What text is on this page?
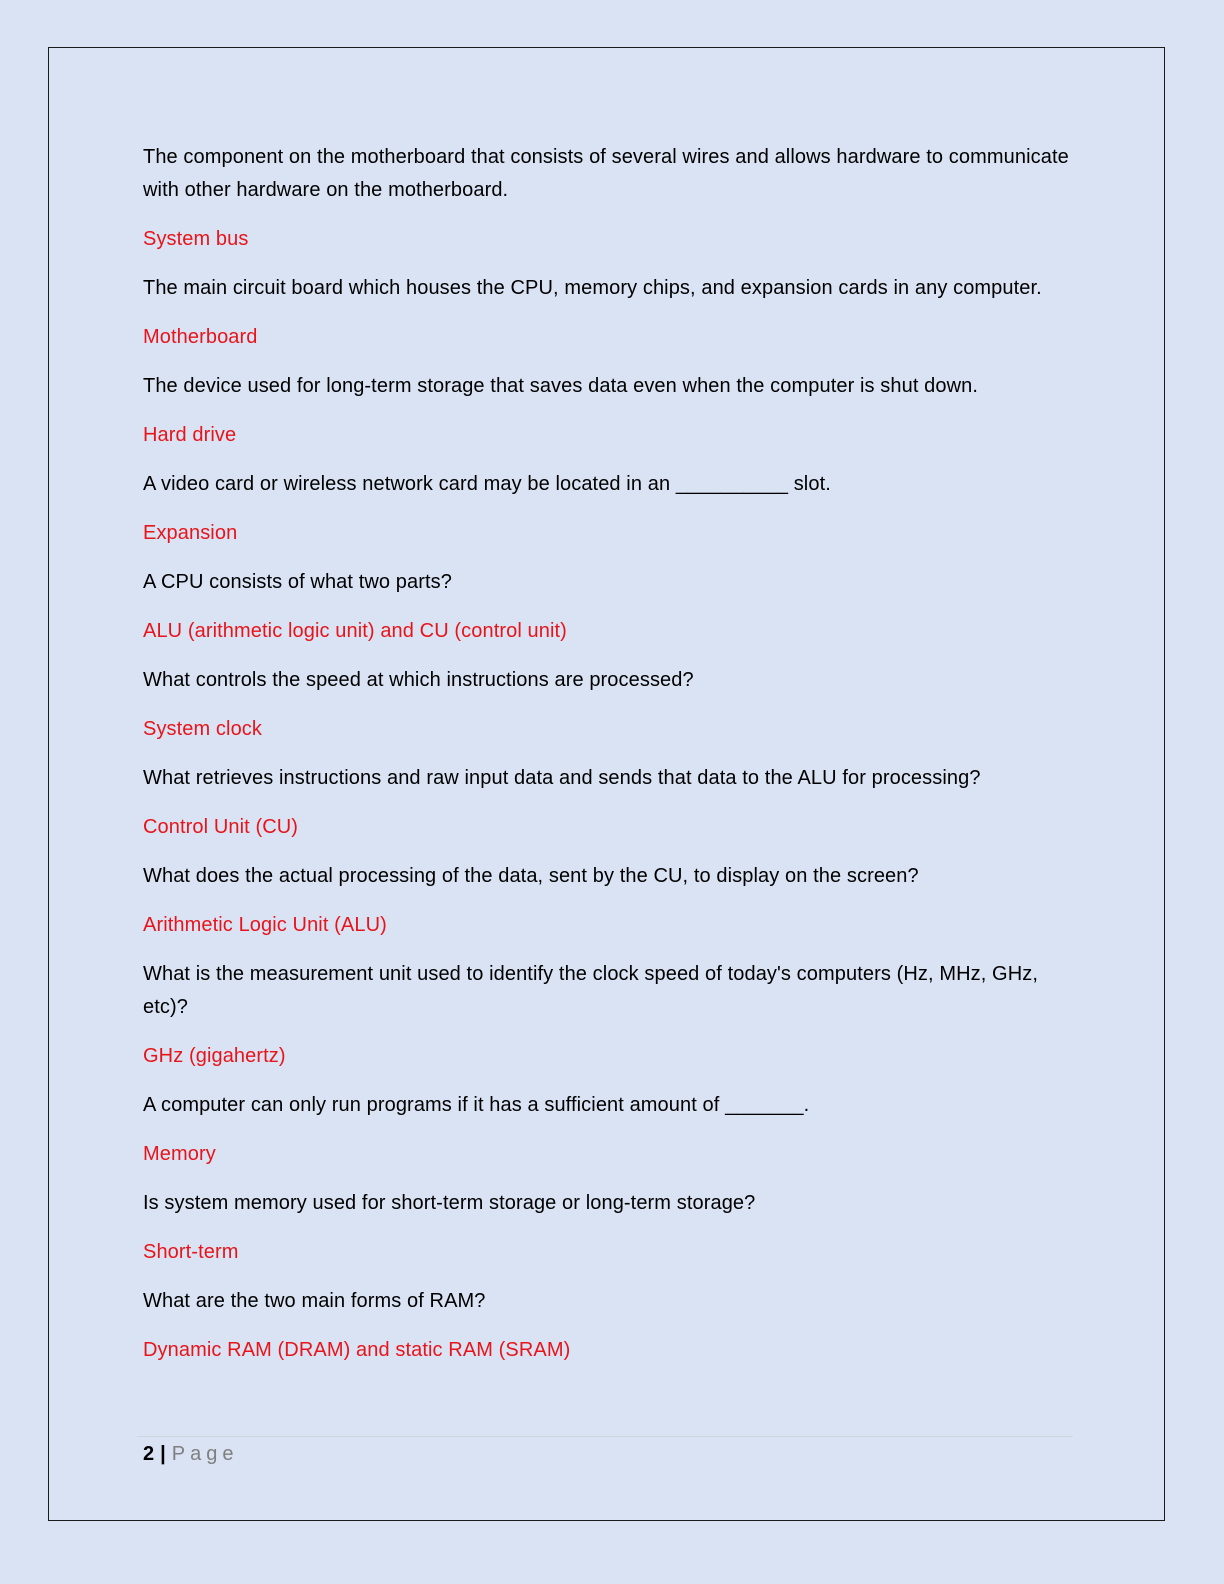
The component on the motherboard that consists of several wires and allows hardware to communicate with other hardware on the motherboard.

System bus

The main circuit board which houses the CPU, memory chips, and expansion cards in any computer.

Motherboard

The device used for long-term storage that saves data even when the computer is shut down.

Hard drive

A video card or wireless network card may be located in an __________ slot.

Expansion

A CPU consists of what two parts?

ALU (arithmetic logic unit) and CU (control unit)

What controls the speed at which instructions are processed?

System clock

What retrieves instructions and raw input data and sends that data to the ALU for processing?

Control Unit (CU)

What does the actual processing of the data, sent by the CU, to display on the screen?

Arithmetic Logic Unit (ALU)

What is the measurement unit used to identify the clock speed of today's computers (Hz, MHz, GHz, etc)?

GHz (gigahertz)

A computer can only run programs if it has a sufficient amount of _______.

Memory

Is system memory used for short-term storage or long-term storage?

Short-term

What are the two main forms of RAM?

Dynamic RAM (DRAM) and static RAM (SRAM)

2 | Page
